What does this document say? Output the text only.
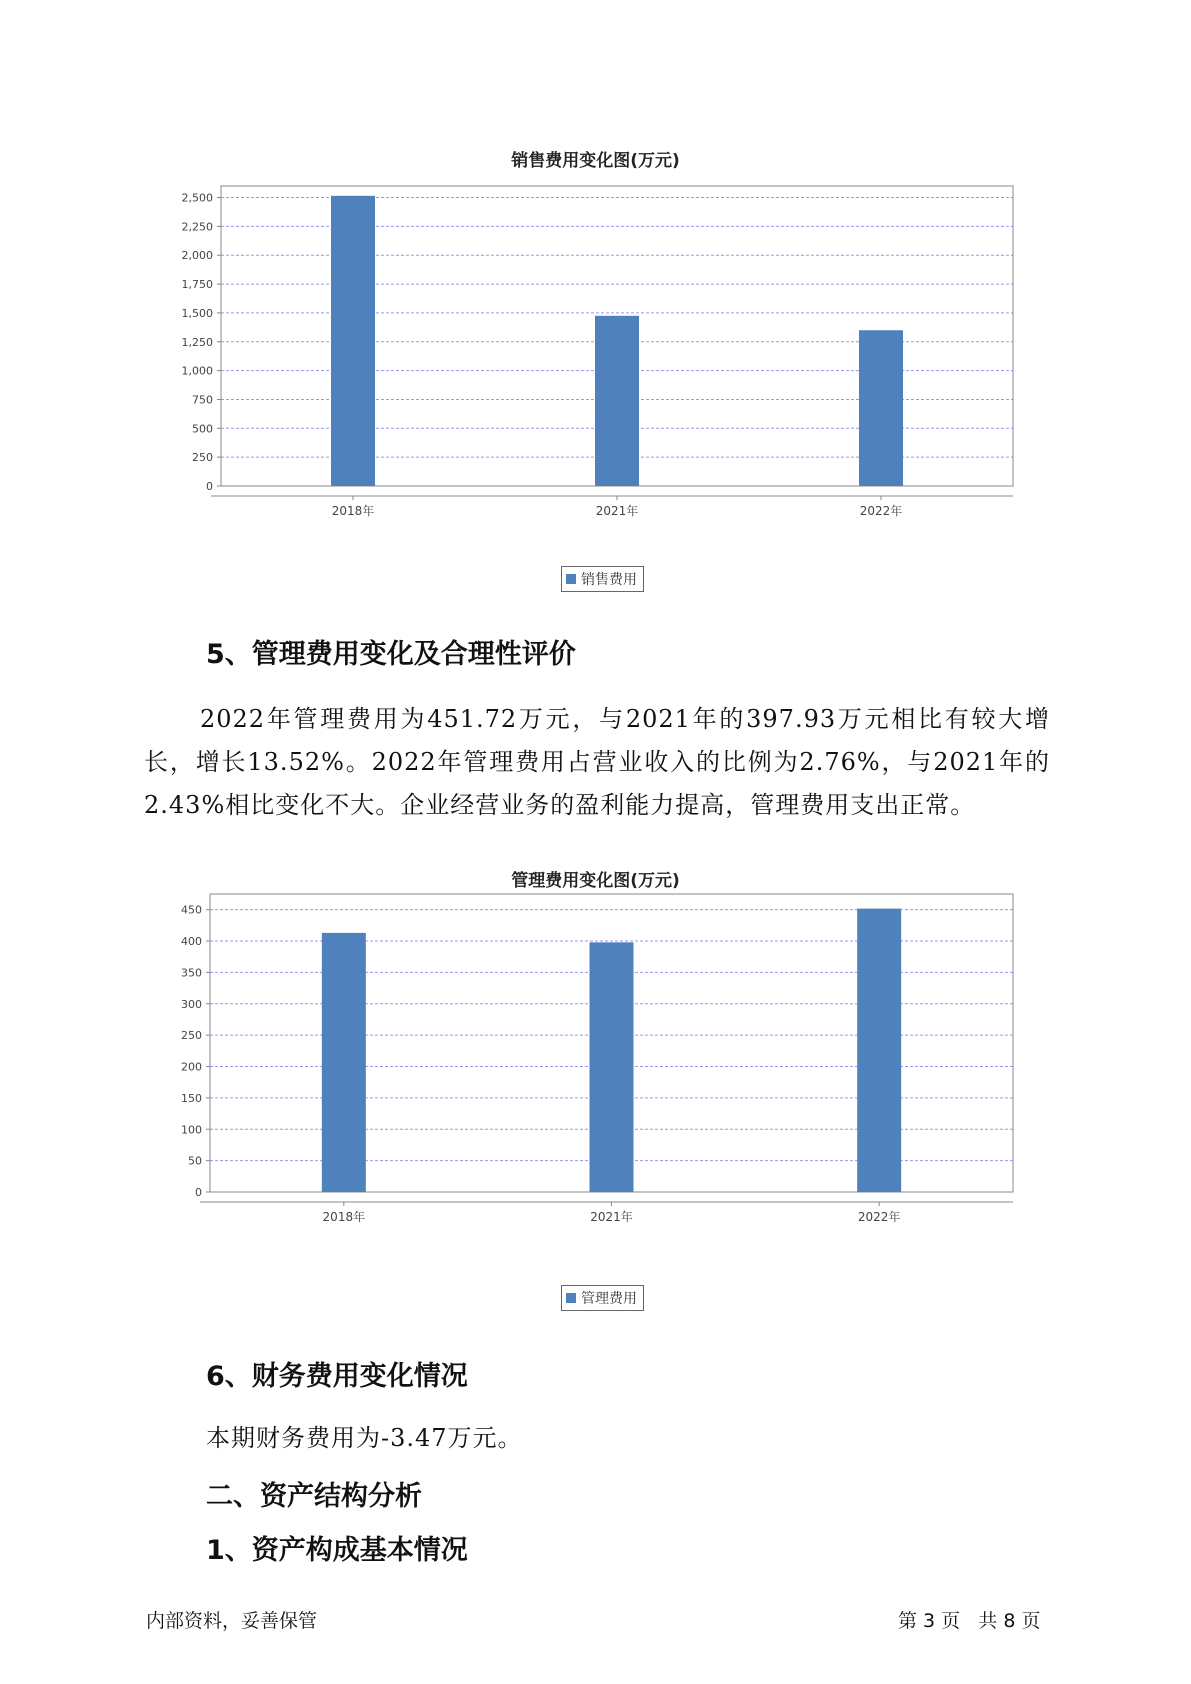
销售费用变化图(万元)
0
250
500
750
1,000
1,250
1,500
1,750
2,000
2,250
2,500
2018年	2021年	2022年
销售费用
5、管理费用变化及合理性评价

2022年管理费用为451.72万元，与2021年的397.93万元相比有较大增长，增长13.52%。2022年管理费用占营业收入的比例为2.76%，与2021年的2.43%相比变化不大。企业经营业务的盈利能力提高，管理费用支出正常。

管理费用变化图(万元)
0
50
100
150
200
250
300
350
400
450
2018年	2021年	2022年
管理费用
6、财务费用变化情况

本期财务费用为-3.47万元。

二、资产结构分析
1、资产构成基本情况
内部资料，妥善保管	第 3 页   共 8 页
